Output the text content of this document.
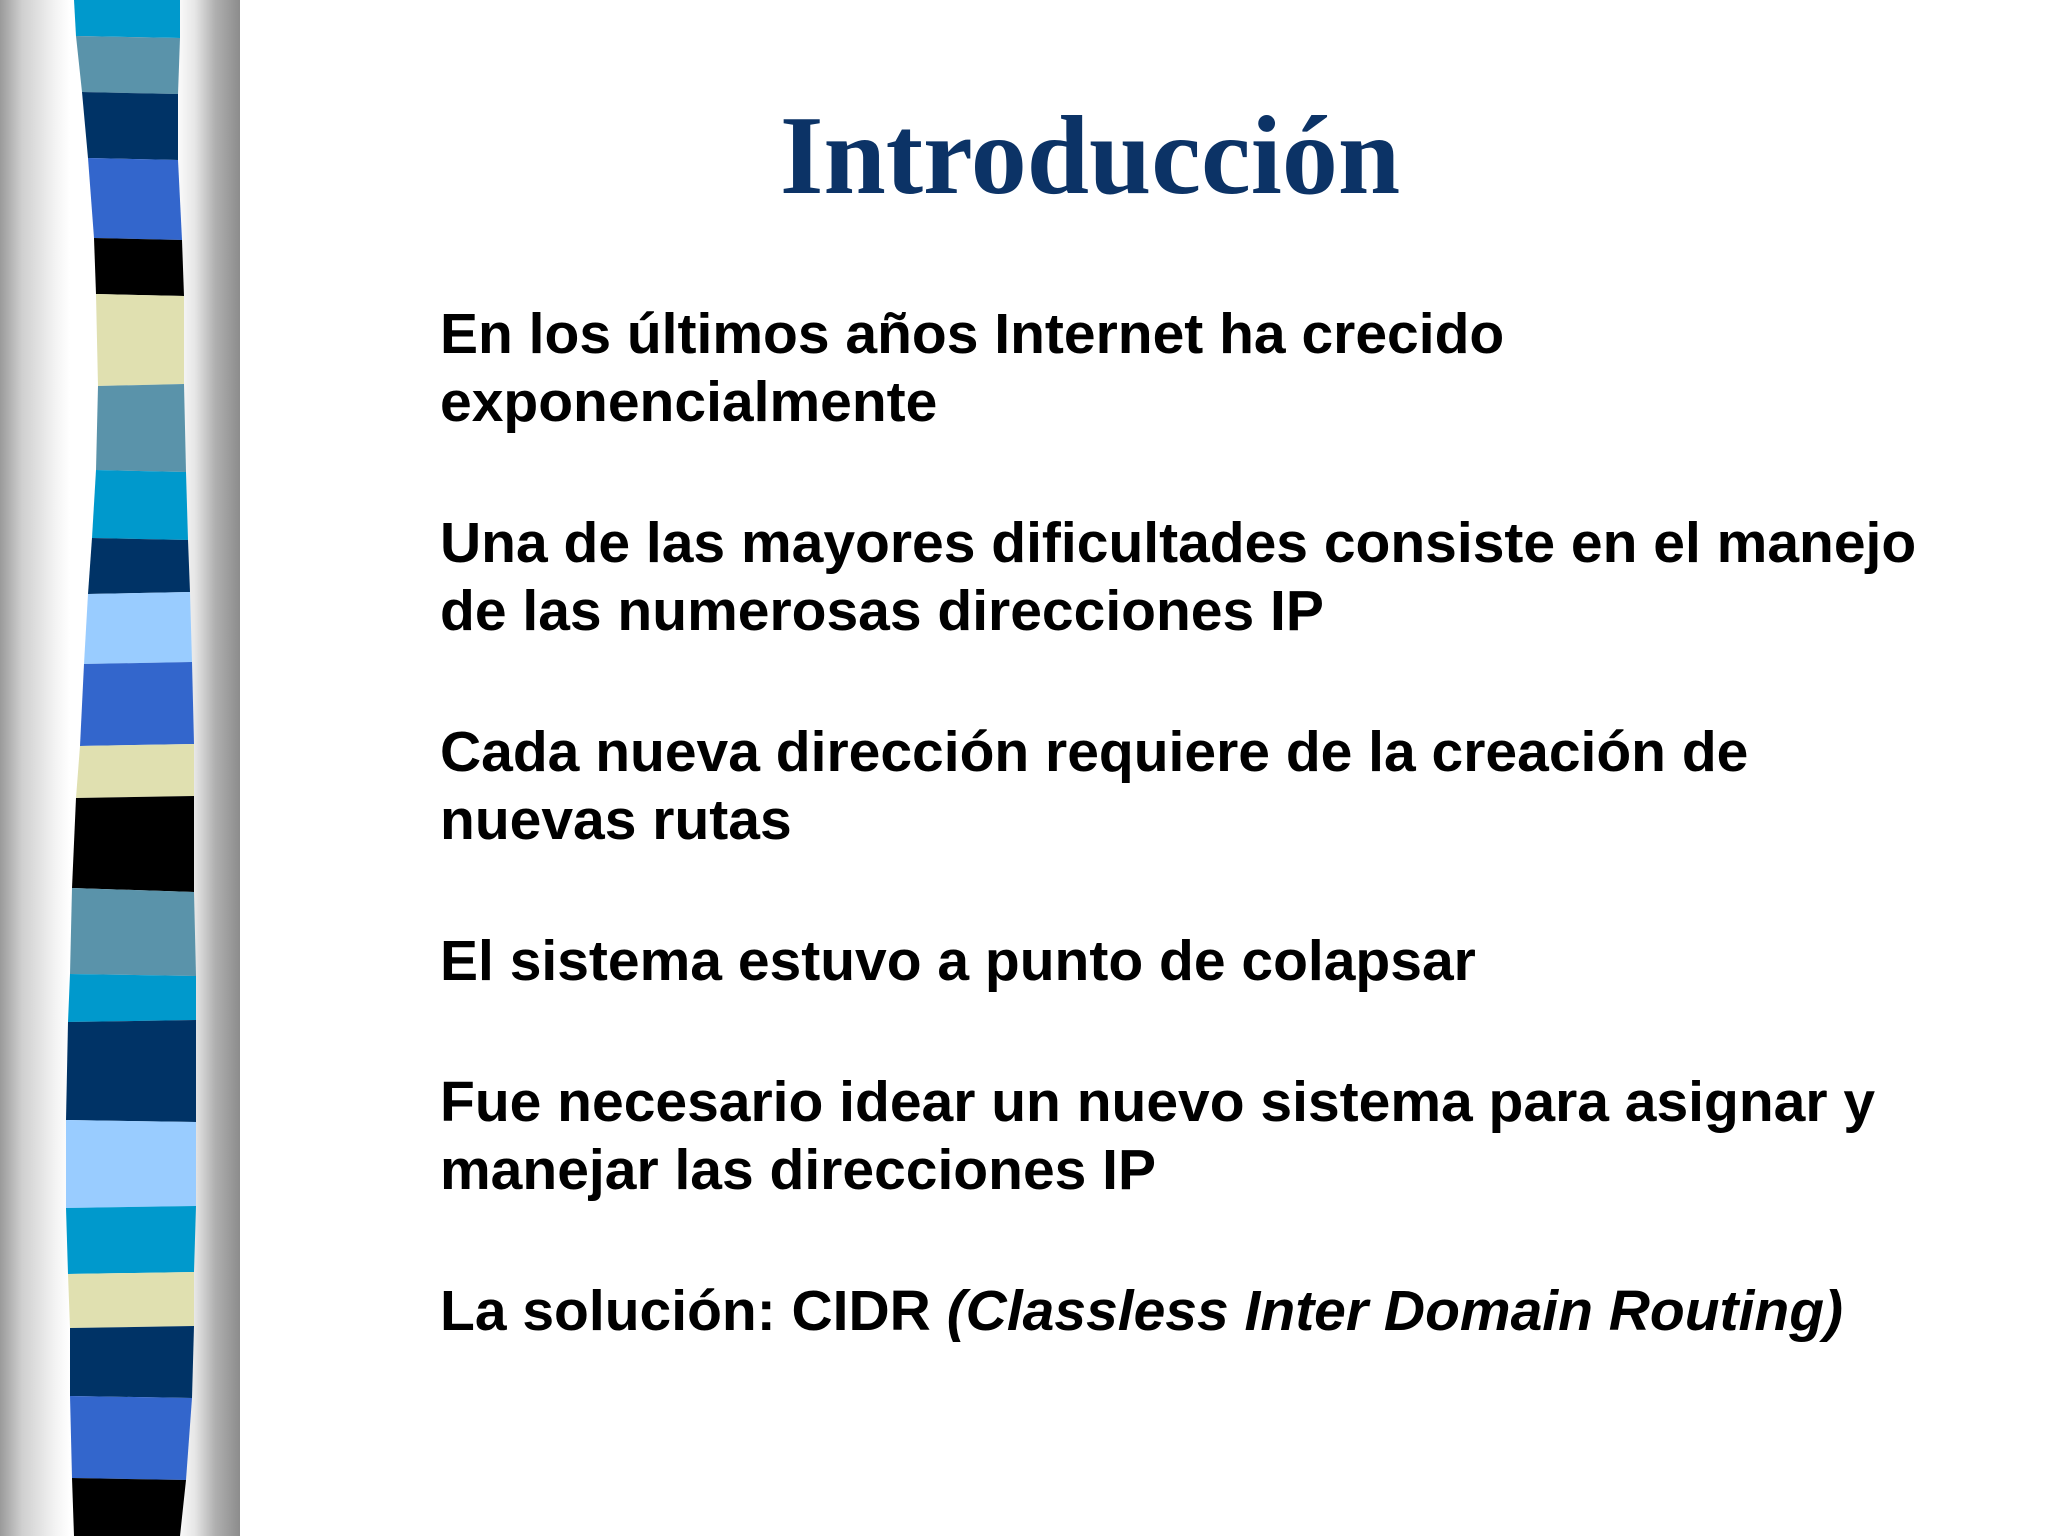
Introducción
En los últimos años Internet ha crecido exponencialmente
Una de las mayores dificultades consiste en el manejo de las numerosas direcciones IP
Cada nueva dirección requiere de la creación de nuevas rutas
El sistema estuvo a punto de colapsar
Fue necesario idear un nuevo sistema para asignar y manejar las direcciones IP
La solución: CIDR (Classless Inter Domain Routing)
